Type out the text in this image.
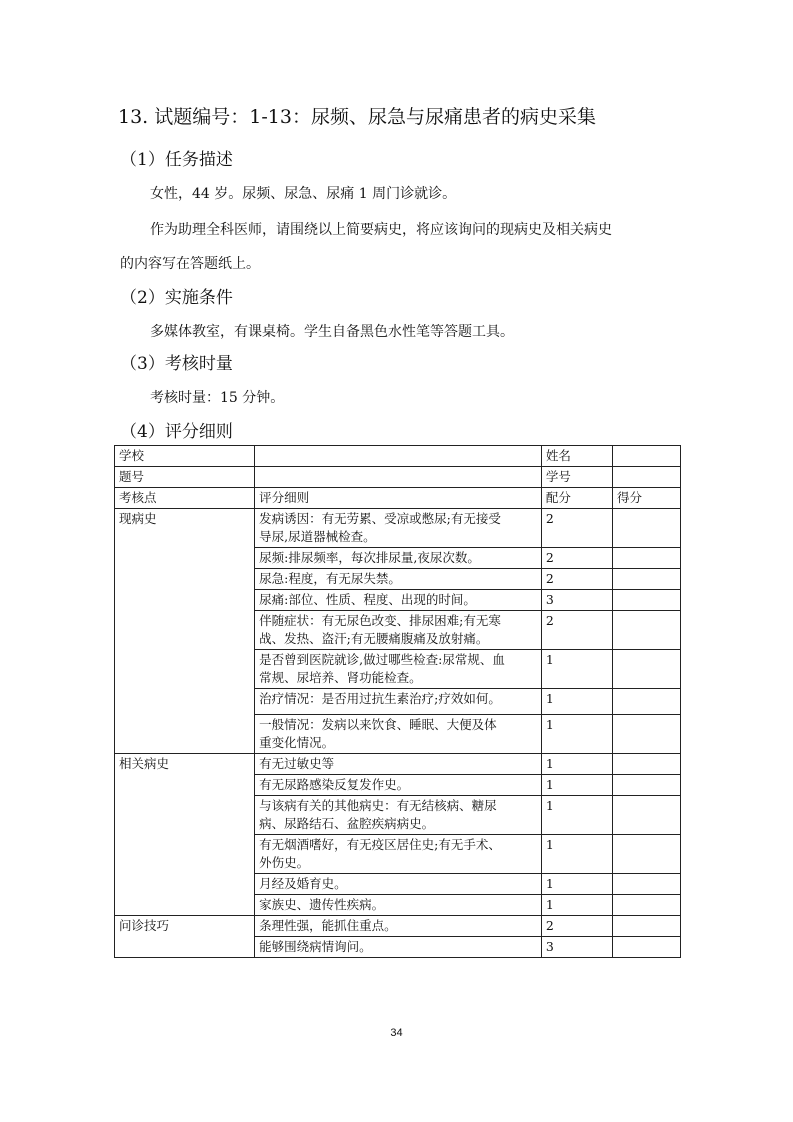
13. 试题编号：1-13：尿频、尿急与尿痛患者的病史采集
（1）任务描述
女性，44 岁。尿频、尿急、尿痛 1 周门诊就诊。
作为助理全科医师，请围绕以上简要病史，将应该询问的现病史及相关病史
的内容写在答题纸上。
（2）实施条件
多媒体教室，有课桌椅。学生自备黑色水性笔等答题工具。
（3）考核时量
考核时量：15 分钟。
（4）评分细则
学校		姓名	
题号		学号	
考核点	评分细则	配分	得分
现病史	发病诱因：有无劳累、受凉或憋尿;有无接受
导尿,尿道器械检查。	2	

	尿频:排尿频率，每次排尿量,夜尿次数。	2	

	尿急:程度，有无尿失禁。	2	

	尿痛:部位、性质、程度、出现的时间。	3	

	伴随症状：有无尿色改变、排尿困难;有无寒
战、发热、盗汗;有无腰痛腹痛及放射痛。	2	

	是否曾到医院就诊,做过哪些检查:尿常规、血
常规、尿培养、肾功能检查。	1	

	治疗情况：是否用过抗生素治疗;疗效如何。	1	

	一般情况：发病以来饮食、睡眠、大便及体
重变化情况。	1	
相关病史	有无过敏史等	1	

	有无尿路感染反复发作史。	1	

	与该病有关的其他病史：有无结核病、糖尿
病、尿路结石、盆腔疾病病史。	1	

	有无烟酒嗜好，有无疫区居住史;有无手术、
外伤史。	1	

	月经及婚育史。	1	

	家族史、遗传性疾病。	1	
问诊技巧	条理性强，能抓住重点。	2	

	能够围绕病情询问。	3	
34
